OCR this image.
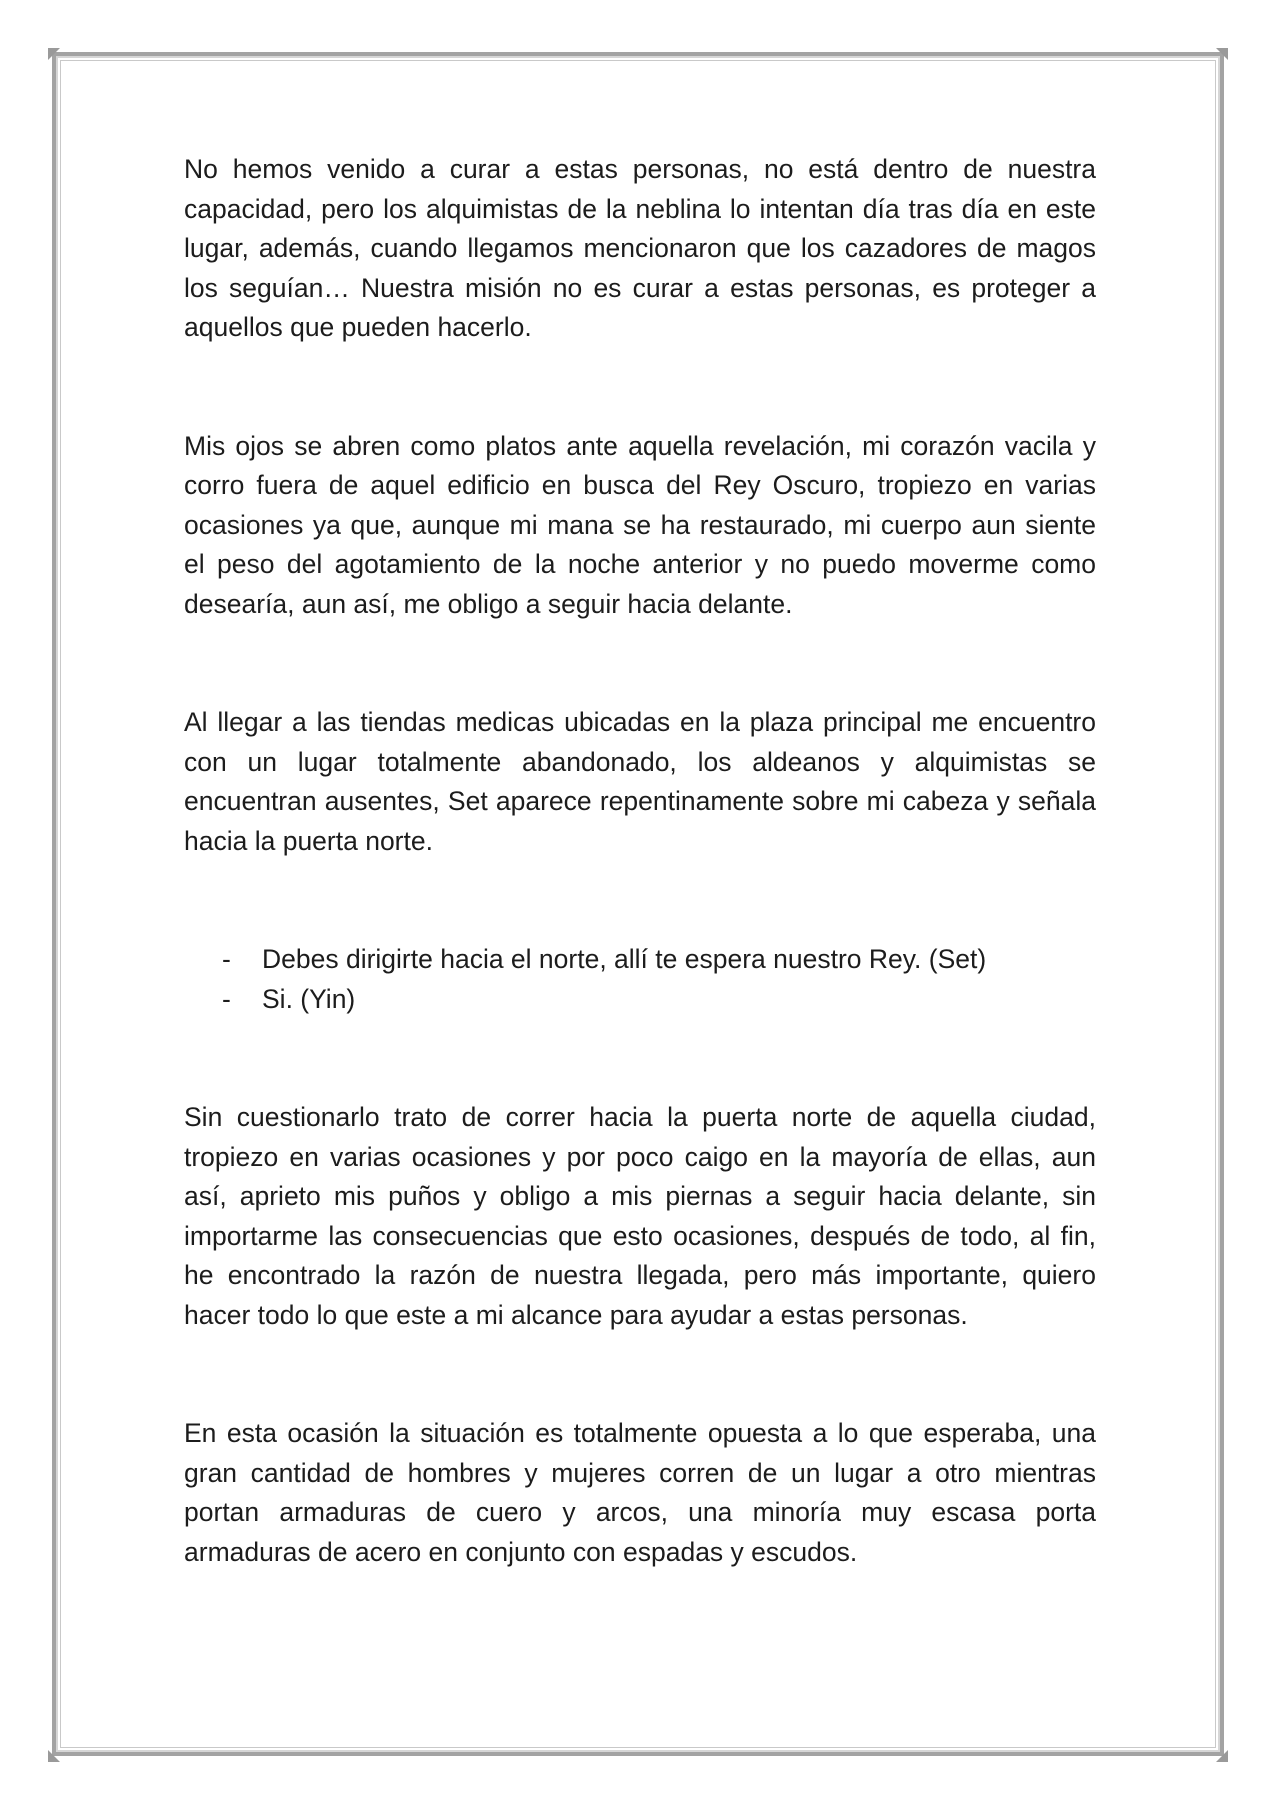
No hemos venido a curar a estas personas, no está dentro de nuestra capacidad, pero los alquimistas de la neblina lo intentan día tras día en este lugar, además, cuando llegamos mencionaron que los cazadores de magos los seguían… Nuestra misión no es curar a estas personas, es proteger a aquellos que pueden hacerlo.

Mis ojos se abren como platos ante aquella revelación, mi corazón vacila y corro fuera de aquel edificio en busca del Rey Oscuro, tropiezo en varias ocasiones ya que, aunque mi mana se ha restaurado, mi cuerpo aun siente el peso del agotamiento de la noche anterior y no puedo moverme como desearía, aun así, me obligo a seguir hacia delante.

Al llegar a las tiendas medicas ubicadas en la plaza principal me encuentro con un lugar totalmente abandonado, los aldeanos y alquimistas se encuentran ausentes, Set aparece repentinamente sobre mi cabeza y señala hacia la puerta norte.

- Debes dirigirte hacia el norte, allí te espera nuestro Rey. (Set)
- Si. (Yin)

Sin cuestionarlo trato de correr hacia la puerta norte de aquella ciudad, tropiezo en varias ocasiones y por poco caigo en la mayoría de ellas, aun así, aprieto mis puños y obligo a mis piernas a seguir hacia delante, sin importarme las consecuencias que esto ocasiones, después de todo, al fin, he encontrado la razón de nuestra llegada, pero más importante, quiero hacer todo lo que este a mi alcance para ayudar a estas personas.

En esta ocasión la situación es totalmente opuesta a lo que esperaba, una gran cantidad de hombres y mujeres corren de un lugar a otro mientras portan armaduras de cuero y arcos, una minoría muy escasa porta armaduras de acero en conjunto con espadas y escudos.
